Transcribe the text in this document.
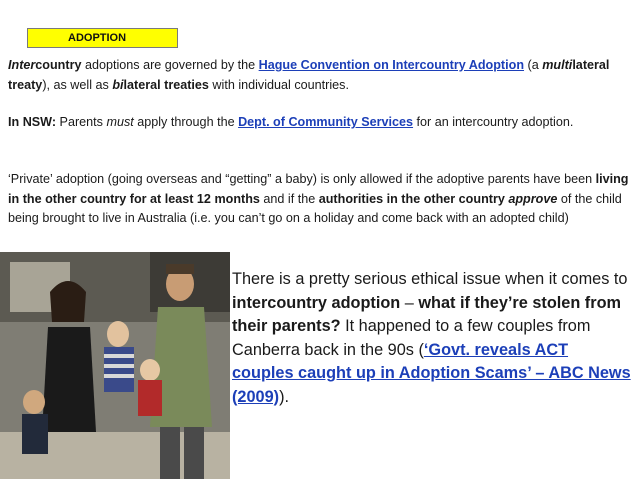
ADOPTION

Intercountry adoptions are governed by the Hague Convention on Intercountry Adoption (a multilateral treaty), as well as bilateral treaties with individual countries.

In NSW: Parents must apply through the Dept. of Community Services for an intercountry adoption.

‘Private’ adoption (going overseas and “getting” a baby) is only allowed if the adoptive parents have been living in the other country for at least 12 months and if the authorities in the other country approve of the child being brought to live in Australia (i.e. you can’t go on a holiday and come back with an adopted child)

There is a pretty serious ethical issue when it comes to intercountry adoption – what if they’re stolen from their parents? It happened to a few couples from Canberra back in the 90s (‘Govt. reveals ACT couples caught up in Adoption Scams’ – ABC News (2009)).
